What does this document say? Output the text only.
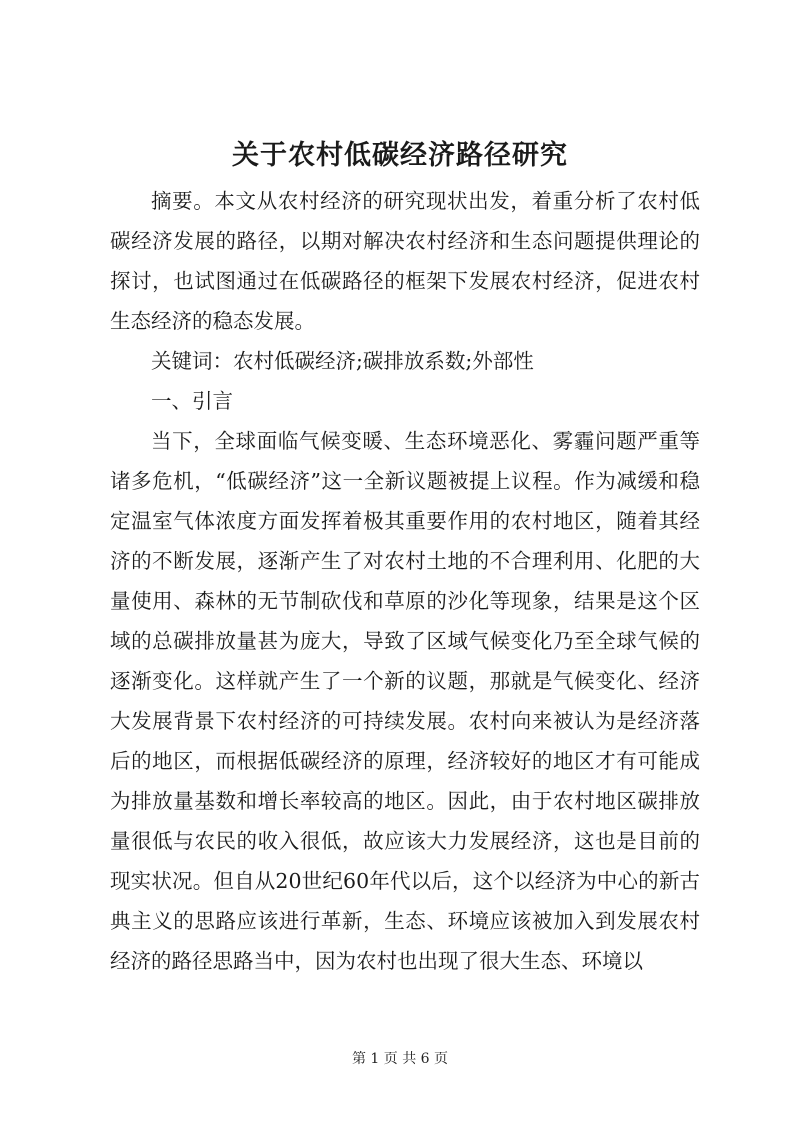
关于农村低碳经济路径研究

摘要。本文从农村经济的研究现状出发，着重分析了农村低碳经济发展的路径，以期对解决农村经济和生态问题提供理论的探讨，也试图通过在低碳路径的框架下发展农村经济，促进农村生态经济的稳态发展。

关键词：农村低碳经济;碳排放系数;外部性

一、引言

当下，全球面临气候变暖、生态环境恶化、雾霾问题严重等诸多危机，“低碳经济”这一全新议题被提上议程。作为减缓和稳定温室气体浓度方面发挥着极其重要作用的农村地区，随着其经济的不断发展，逐渐产生了对农村土地的不合理利用、化肥的大量使用、森林的无节制砍伐和草原的沙化等现象，结果是这个区域的总碳排放量甚为庞大，导致了区域气候变化乃至全球气候的逐渐变化。这样就产生了一个新的议题，那就是气候变化、经济大发展背景下农村经济的可持续发展。农村向来被认为是经济落后的地区，而根据低碳经济的原理，经济较好的地区才有可能成为排放量基数和增长率较高的地区。因此，由于农村地区碳排放量很低与农民的收入很低，故应该大力发展经济，这也是目前的现实状况。但自从20世纪60年代以后，这个以经济为中心的新古典主义的思路应该进行革新，生态、环境应该被加入到发展农村经济的路径思路当中，因为农村也出现了很大生态、环境以

第 1 页 共 6 页
